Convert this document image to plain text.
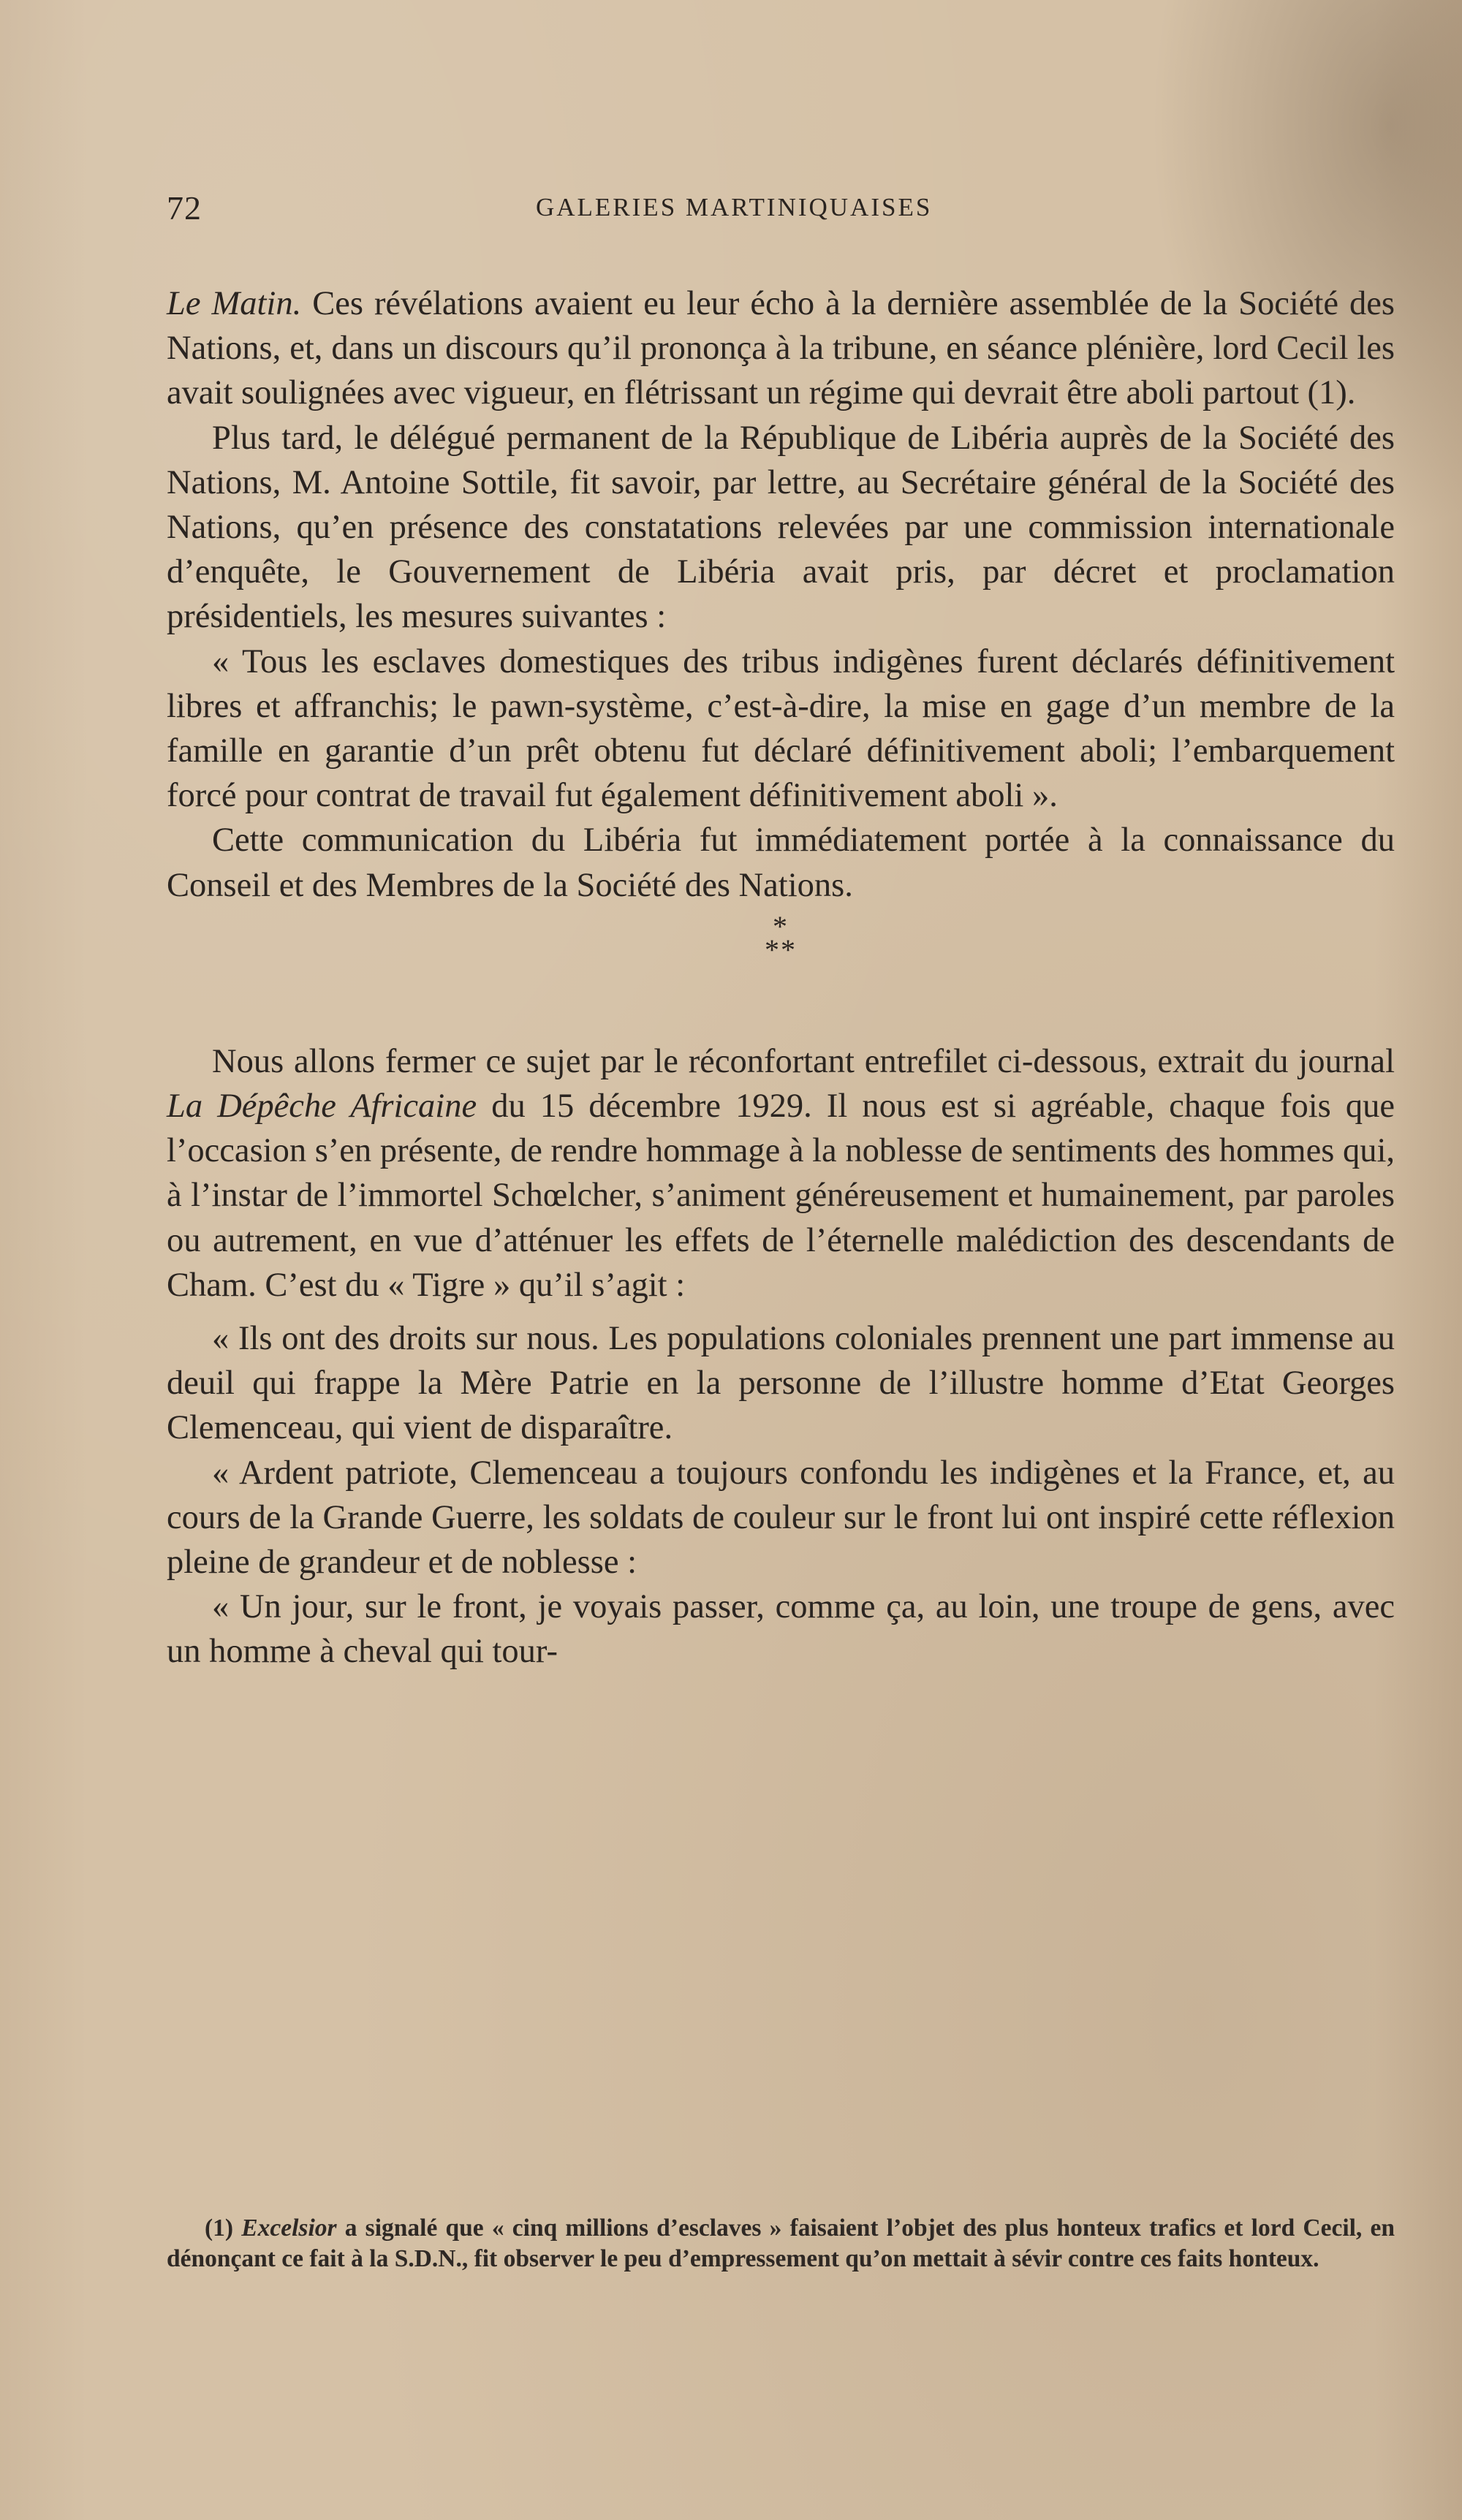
72	GALERIES MARTINIQUAISES

Le Matin. Ces révélations avaient eu leur écho à la dernière assemblée de la Société des Nations, et, dans un discours qu’il prononça à la tribune, en séance plénière, lord Cecil les avait soulignées avec vigueur, en flétrissant un régime qui devrait être aboli partout (1).

Plus tard, le délégué permanent de la République de Libéria auprès de la Société des Nations, M. Antoine Sottile, fit savoir, par lettre, au Secrétaire général de la Société des Nations, qu’en présence des constatations relevées par une commission internationale d’enquête, le Gouvernement de Libéria avait pris, par décret et proclamation présidentiels, les mesures suivantes :

« Tous les esclaves domestiques des tribus indigènes furent déclarés définitivement libres et affranchis; le pawn-système, c’est-à-dire, la mise en gage d’un membre de la famille en garantie d’un prêt obtenu fut déclaré définitivement aboli; l’embarquement forcé pour contrat de travail fut également définitivement aboli ».

Cette communication du Libéria fut immédiatement portée à la connaissance du Conseil et des Membres de la Société des Nations.

*
**

Nous allons fermer ce sujet par le réconfortant entrefilet ci-dessous, extrait du journal La Dépêche Africaine du 15 décembre 1929. Il nous est si agréable, chaque fois que l’occasion s’en présente, de rendre hommage à la noblesse de sentiments des hommes qui, à l’instar de l’immortel Schœlcher, s’animent généreusement et humainement, par paroles ou autrement, en vue d’atténuer les effets de l’éternelle malédiction des descendants de Cham. C’est du « Tigre » qu’il s’agit :

« Ils ont des droits sur nous. Les populations coloniales prennent une part immense au deuil qui frappe la Mère Patrie en la personne de l’illustre homme d’Etat Georges Clemenceau, qui vient de disparaître.

« Ardent patriote, Clemenceau a toujours confondu les indigènes et la France, et, au cours de la Grande Guerre, les soldats de couleur sur le front lui ont inspiré cette réflexion pleine de grandeur et de noblesse :

« Un jour, sur le front, je voyais passer, comme ça, au loin, une troupe de gens, avec un homme à cheval qui tour-

(1) Excelsior a signalé que « cinq millions d’esclaves » faisaient l’objet des plus honteux trafics et lord Cecil, en dénonçant ce fait à la S.D.N., fit observer le peu d’empressement qu’on mettait à sévir contre ces faits honteux.
